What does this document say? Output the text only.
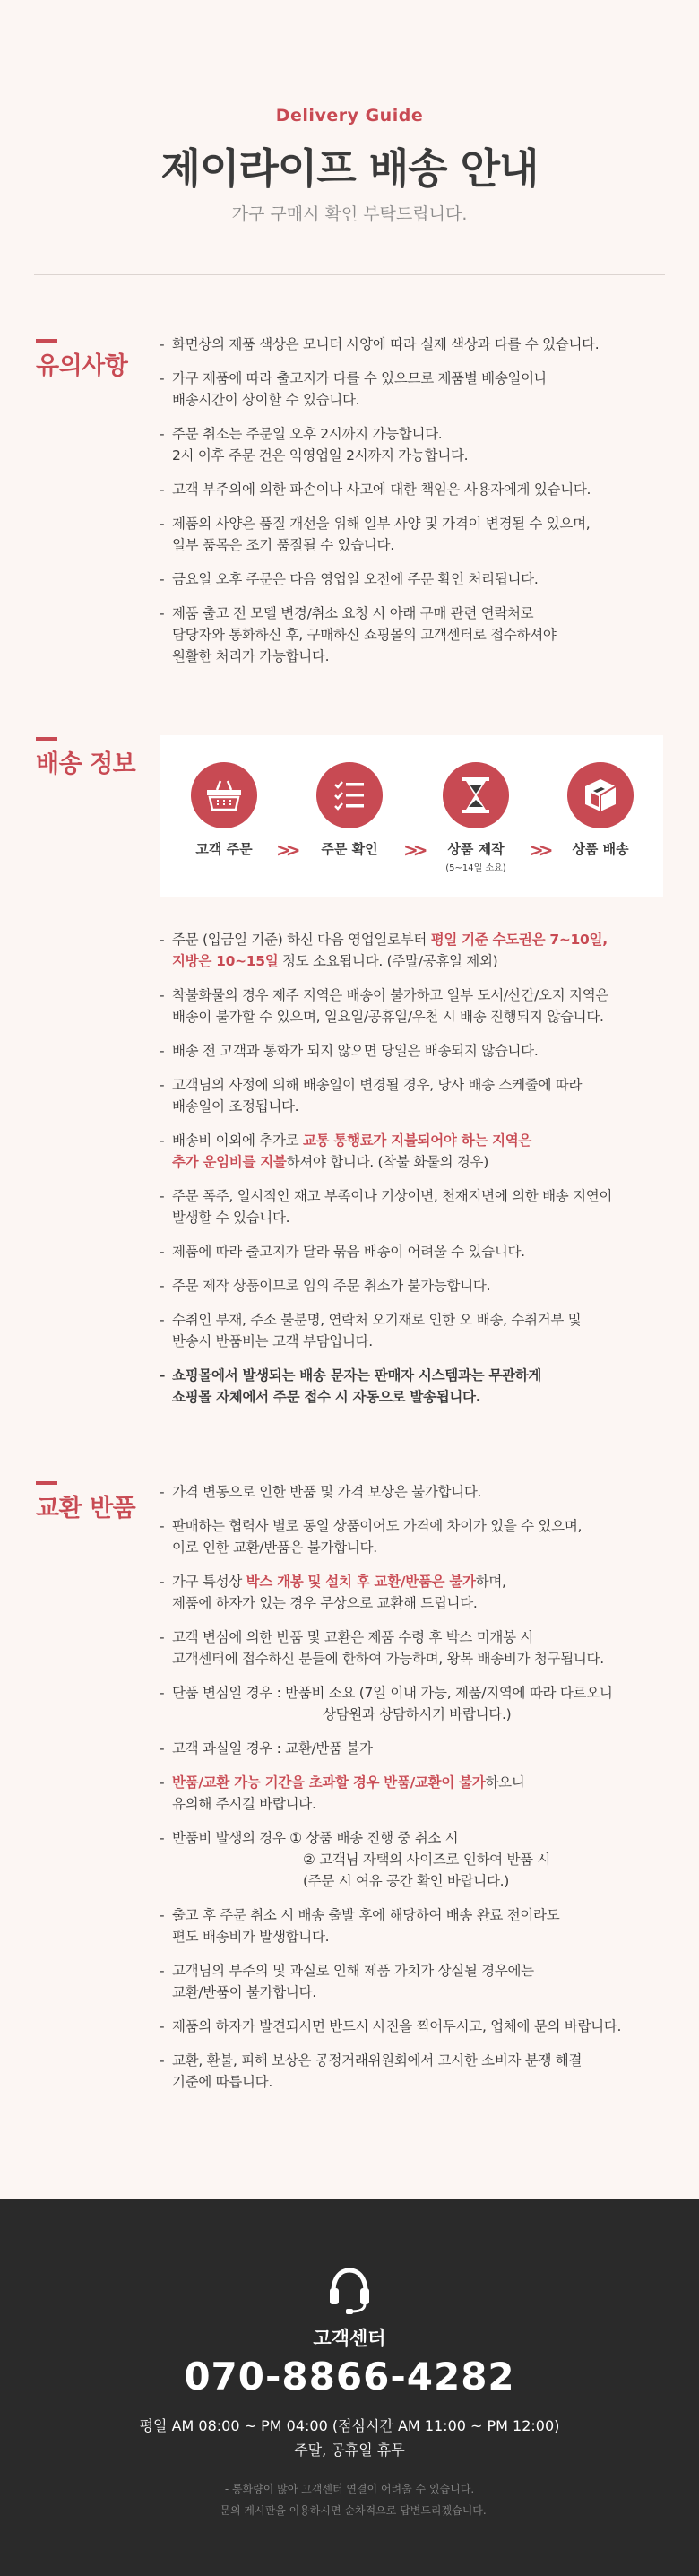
Delivery Guide
제이라이프 배송 안내
가구 구매시 확인 부탁드립니다.
유의사항
- 화면상의 제품 색상은 모니터 사양에 따라 실제 색상과 다를 수 있습니다.
- 가구 제품에 따라 출고지가 다를 수 있으므로 제품별 배송일이나
배송시간이 상이할 수 있습니다.
- 주문 취소는 주문일 오후 2시까지 가능합니다.
2시 이후 주문 건은 익영업일 2시까지 가능합니다.
- 고객 부주의에 의한 파손이나 사고에 대한 책임은 사용자에게 있습니다.
- 제품의 사양은 품질 개선을 위해 일부 사양 및 가격이 변경될 수 있으며,
일부 품목은 조기 품절될 수 있습니다.
- 금요일 오후 주문은 다음 영업일 오전에 주문 확인 처리됩니다.
- 제품 출고 전 모델 변경/취소 요청 시 아래 구매 관련 연락처로
담당자와 통화하신 후, 구매하신 쇼핑몰의 고객센터로 접수하셔야
원활한 처리가 가능합니다.
배송 정보
고객 주문	>>	주문 확인	>>	상품 제작
(5~14일 소요)
>>	상품 배송
- 주문 (입금일 기준) 하신 다음 영업일로부터 평일 기준 수도권은 7~10일,
지방은 10~15일 정도 소요됩니다. (주말/공휴일 제외)
- 착불화물의 경우 제주 지역은 배송이 불가하고 일부 도서/산간/오지 지역은
배송이 불가할 수 있으며, 일요일/공휴일/우천 시 배송 진행되지 않습니다.
- 배송 전 고객과 통화가 되지 않으면 당일은 배송되지 않습니다.
- 고객님의 사정에 의해 배송일이 변경될 경우, 당사 배송 스케줄에 따라
배송일이 조정됩니다.
- 배송비 이외에 추가로 교통 통행료가 지불되어야 하는 지역은
추가 운임비를 지불하셔야 합니다. (착불 화물의 경우)
- 주문 폭주, 일시적인 재고 부족이나 기상이변, 천재지변에 의한 배송 지연이
발생할 수 있습니다.
- 제품에 따라 출고지가 달라 묶음 배송이 어려울 수 있습니다.
- 주문 제작 상품이므로 임의 주문 취소가 불가능합니다.
- 수취인 부재, 주소 불분명, 연락처 오기재로 인한 오 배송, 수취거부 및
반송시 반품비는 고객 부담입니다.
- 쇼핑몰에서 발생되는 배송 문자는 판매자 시스템과는 무관하게
쇼핑몰 자체에서 주문 접수 시 자동으로 발송됩니다.
교환 반품
- 가격 변동으로 인한 반품 및 가격 보상은 불가합니다.
- 판매하는 협력사 별로 동일 상품이어도 가격에 차이가 있을 수 있으며,
이로 인한 교환/반품은 불가합니다.
- 가구 특성상 박스 개봉 및 설치 후 교환/반품은 불가하며,
제품에 하자가 있는 경우 무상으로 교환해 드립니다.
- 고객 변심에 의한 반품 및 교환은 제품 수령 후 박스 미개봉 시
고객센터에 접수하신 분들에 한하여 가능하며, 왕복 배송비가 청구됩니다.
- 단품 변심일 경우 : 반품비 소요 (7일 이내 가능, 제품/지역에 따라 다르오니
상담원과 상담하시기 바랍니다.)
- 고객 과실일 경우 : 교환/반품 불가
- 반품/교환 가능 기간을 초과할 경우 반품/교환이 불가하오니
유의해 주시길 바랍니다.
- 반품비 발생의 경우 ① 상품 배송 진행 중 취소 시
② 고객님 자택의 사이즈로 인하여 반품 시
(주문 시 여유 공간 확인 바랍니다.)
- 출고 후 주문 취소 시 배송 출발 후에 해당하여 배송 완료 전이라도
편도 배송비가 발생합니다.
- 고객님의 부주의 및 과실로 인해 제품 가치가 상실될 경우에는
교환/반품이 불가합니다.
- 제품의 하자가 발견되시면 반드시 사진을 찍어두시고, 업체에 문의 바랍니다.
- 교환, 환불, 피해 보상은 공정거래위원회에서 고시한 소비자 분쟁 해결
기준에 따릅니다.
고객센터
070-8866-4282
평일 AM 08:00 ~ PM 04:00 (점심시간 AM 11:00 ~ PM 12:00)
주말, 공휴일 휴무
- 통화량이 많아 고객센터 연결이 어려울 수 있습니다.
- 문의 게시판을 이용하시면 순차적으로 답변드리겠습니다.
